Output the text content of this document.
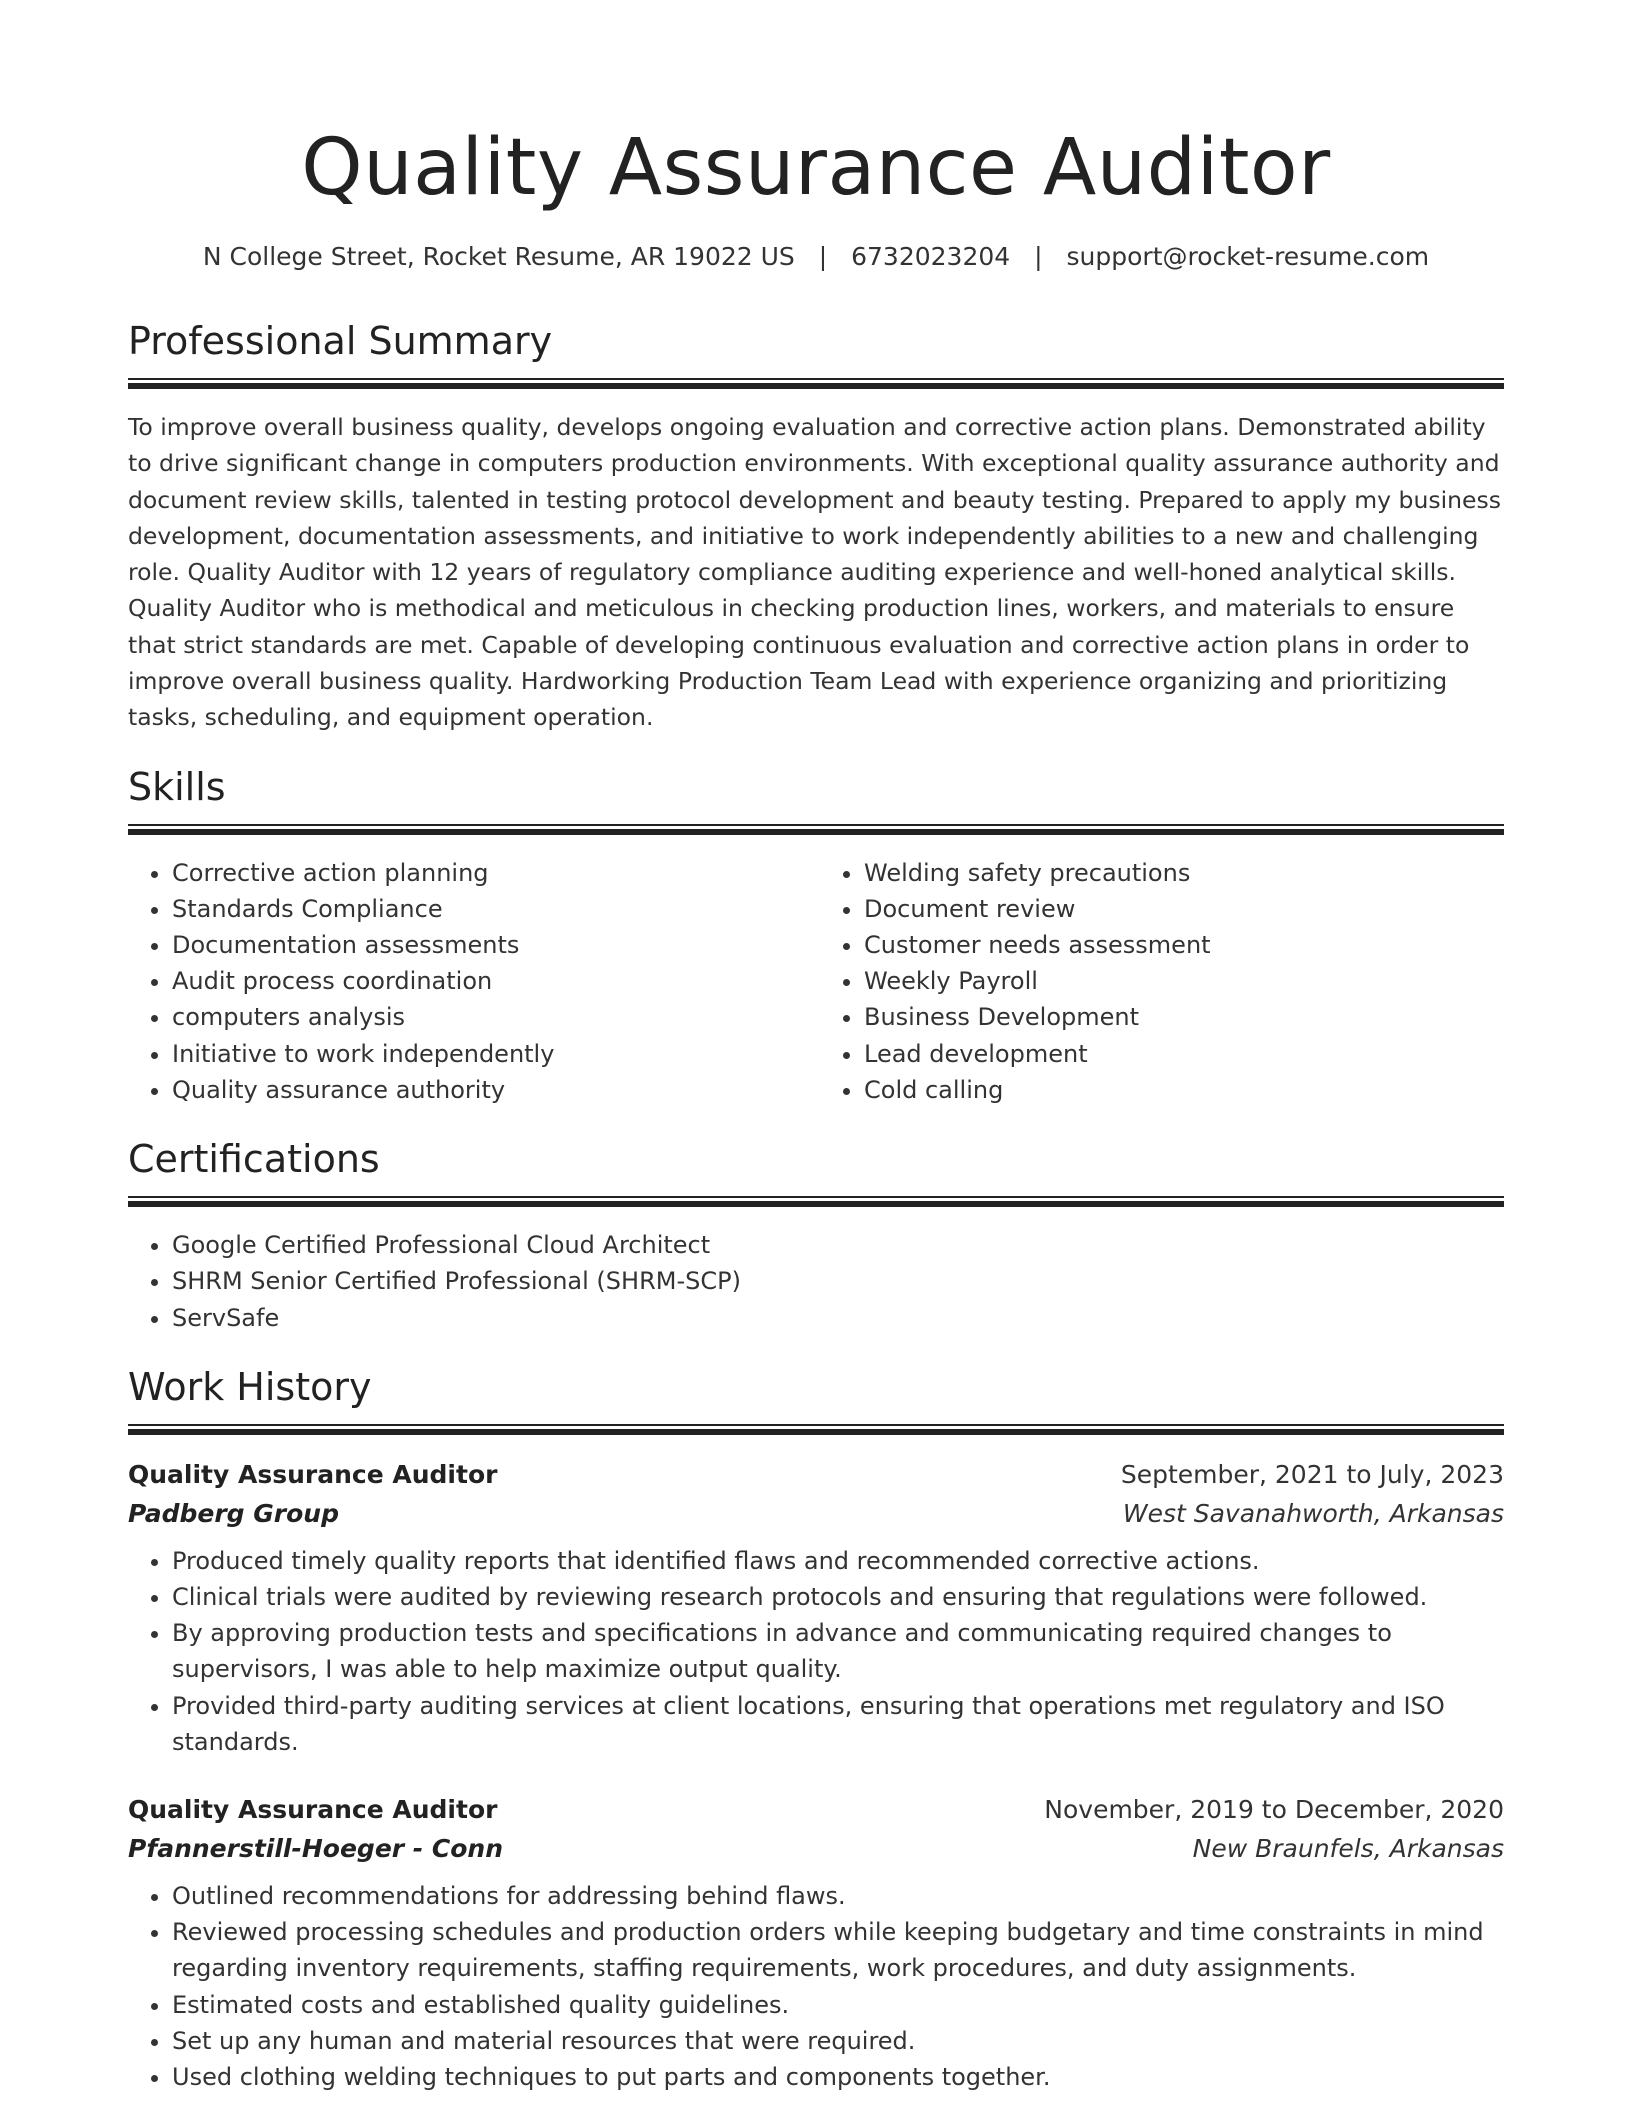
Quality Assurance Auditor
N College Street, Rocket Resume, AR 19022 US | 6732023204 | support@rocket-resume.com
Professional Summary

To improve overall business quality, develops ongoing evaluation and corrective action plans. Demonstrated ability to drive significant change in computers production environments. With exceptional quality assurance authority and document review skills, talented in testing protocol development and beauty testing. Prepared to apply my business development, documentation assessments, and initiative to work independently abilities to a new and challenging role. Quality Auditor with 12 years of regulatory compliance auditing experience and well-honed analytical skills. Quality Auditor who is methodical and meticulous in checking production lines, workers, and materials to ensure that strict standards are met. Capable of developing continuous evaluation and corrective action plans in order to improve overall business quality. Hardworking Production Team Lead with experience organizing and prioritizing tasks, scheduling, and equipment operation.

Skills
• Corrective action planning
• Standards Compliance
• Documentation assessments
• Audit process coordination
• computers analysis
• Initiative to work independently
• Quality assurance authority
• Welding safety precautions
• Document review
• Customer needs assessment
• Weekly Payroll
• Business Development
• Lead development
• Cold calling
Certifications
• Google Certified Professional Cloud Architect
• SHRM Senior Certified Professional (SHRM-SCP)
• ServSafe
Work History
Quality Assurance Auditor	September, 2021 to July, 2023
Padberg Group	West Savanahworth, Arkansas
• Produced timely quality reports that identified flaws and recommended corrective actions.
• Clinical trials were audited by reviewing research protocols and ensuring that regulations were followed.
• By approving production tests and specifications in advance and communicating required changes to supervisors, I was able to help maximize output quality.
• Provided third-party auditing services at client locations, ensuring that operations met regulatory and ISO standards.
Quality Assurance Auditor	November, 2019 to December, 2020
Pfannerstill-Hoeger - Conn	New Braunfels, Arkansas
• Outlined recommendations for addressing behind flaws.
• Reviewed processing schedules and production orders while keeping budgetary and time constraints in mind regarding inventory requirements, staffing requirements, work procedures, and duty assignments.
• Estimated costs and established quality guidelines.
• Set up any human and material resources that were required.
• Used clothing welding techniques to put parts and components together.
